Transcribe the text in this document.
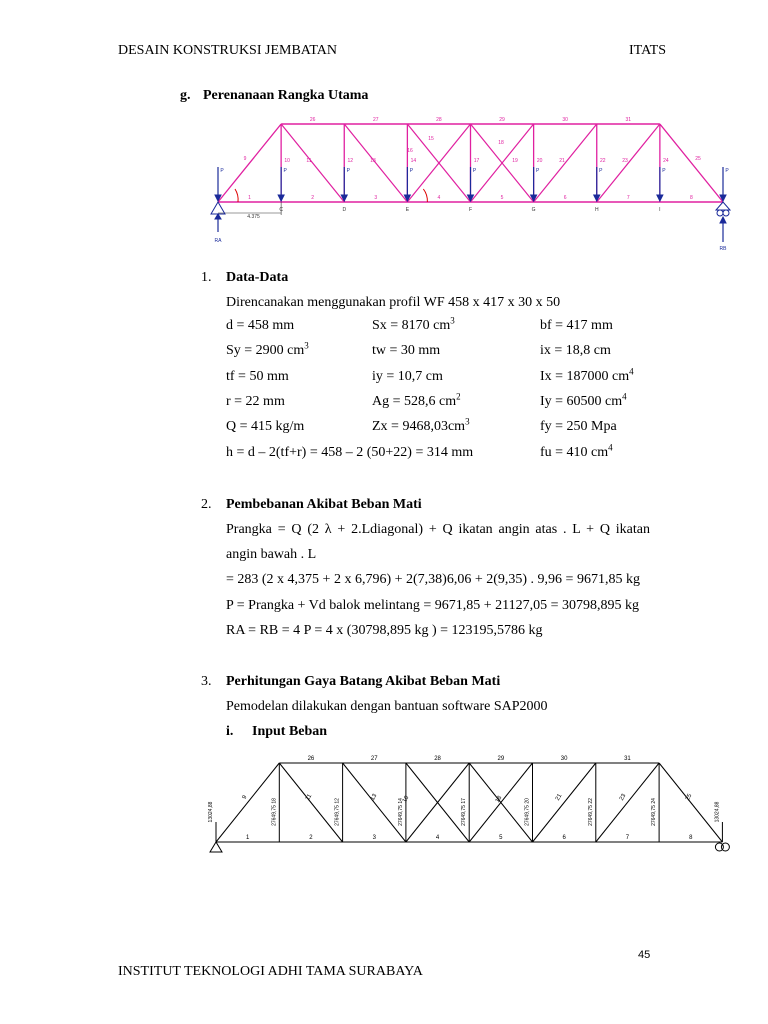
DESAIN KONSTRUKSI JEMBATAN	ITATS
g. Perenanaan Rangka Utama
4.375
P	P	P	P	P	P	P	P	P
C	D	E	F	G	H	I
26	27	28	29	30	31
1	2	3	4	5	6	7	8
10	12	14	17	20	22	24
9	11	13
16
15
18
19	21	23	25
RA
RB
1. Data-Data
Direncanakan menggunakan profil WF 458 x 417 x 30 x 50
d = 458 mm	Sx = 8170 $cm^3$	bf = 417 mm
Sy = 2900 $cm^3$	tw = 30 mm	ix = 18,8 cm
tf = 50 mm	iy = 10,7 cm	Ix = 187000 $cm^4$
r = 22 mm	Ag = 528,6 $cm^2$	Iy = 60500 $cm^4$
Q = 415 kg/m	$Zx = 9468,03cm^3$	fy = 250 Mpa
h = d – 2(tf+r) = 458 – 2 (50+22) = 314 mm	fu = 410 $cm^4$
2. Pembebanan Akibat Beban Mati
Prangka = Q (2 λ + 2.Ldiagonal) + Q ikatan angin atas . L + Q ikatan
angin bawah . L
= 283 (2 x 4,375 + 2 x 6,796) + 2(7,38)6,06 + 2(9,35) . 9,96 = 9671,85 kg
P = Prangka + Vd balok melintang = 9671,85 + 21127,05 = 30798,895 kg
RA = RB = 4 P = 4 x (30798,895 kg ) = 123195,5786 kg
3. Perhitungan Gaya Batang Akibat Beban Mati
Pemodelan dilakukan dengan bantuan software SAP2000
i. Input Beban
26	27	28	29	30	31
1	2	3	4	5	6	7	8
9	11	13	16	18	21	23	25
13024,88	27649,75 18	27649,75 12	27649,75 14	27649,75 17	27649,75 20	27649,75 22	27649,75 24	13024,88
45
INSTITUT TEKNOLOGI ADHI TAMA SURABAYA
